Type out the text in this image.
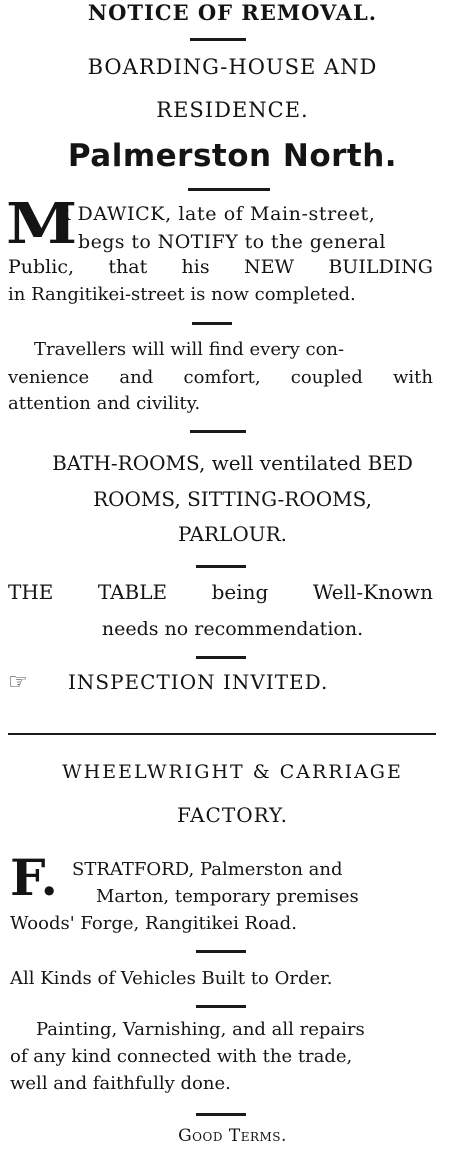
NOTICE OF REMOVAL.
BOARDING-HOUSE AND
RESIDENCE.
Palmerston North.
M
R DAWICK, late of Main-street,
begs to NOTIFY to the general
Public, that his NEW BUILDING
in Rangitikei-street is now completed.
Travellers will will find every con-
venience and comfort, coupled with
attention and civility.
BATH-ROOMS, well ventilated BED
ROOMS, SITTING-ROOMS,
PARLOUR.
THE TABLE being Well-Known
needs no recommendation.
☞ INSPECTION INVITED.
WHEELWRIGHT & CARRIAGE
FACTORY.
F. STRATFORD, Palmerston and
Marton, temporary premises
Woods' Forge, Rangitikei Road.
All Kinds of Vehicles Built to Order.
Painting, Varnishing, and all repairs
of any kind connected with the trade,
well and faithfully done.
Good Terms.
